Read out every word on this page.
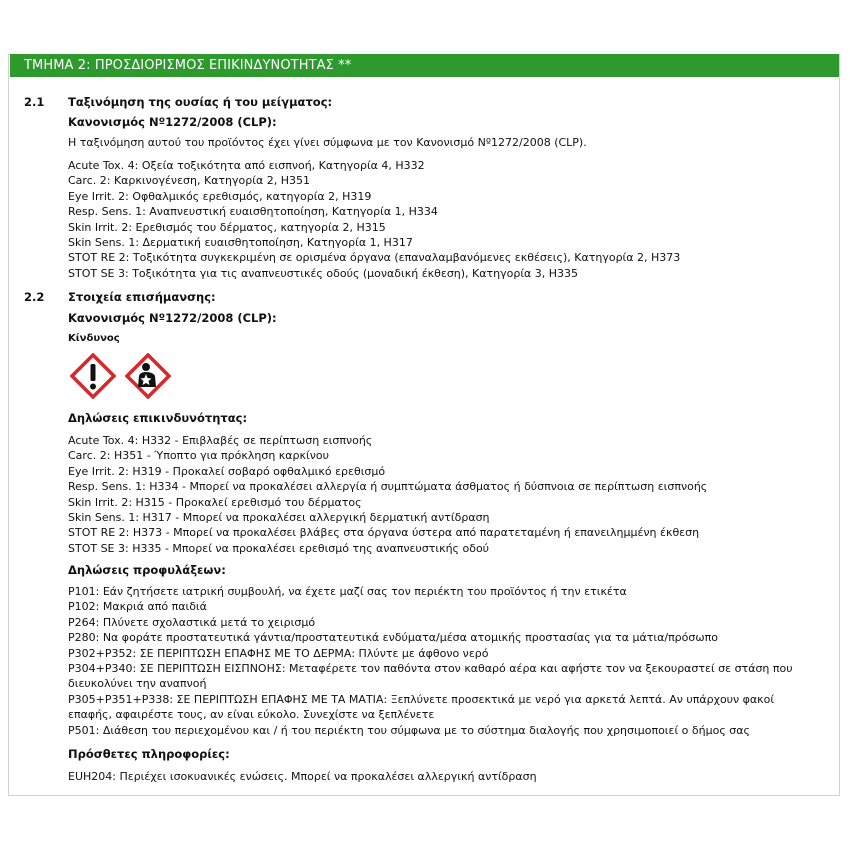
ΤΜΗΜΑ 2: ΠΡΟΣΔΙΟΡΙΣΜΟΣ ΕΠΙΚΙΝΔΥΝΟΤΗΤΑΣ **
2.1 Ταξινόμηση της ουσίας ή του μείγματος:
Κανονισμός Nº1272/2008 (CLP):
Η ταξινόμηση αυτού του προϊόντος έχει γίνει σύμφωνα με τον Κανονισμό Nº1272/2008 (CLP).
Acute Tox. 4: Οξεία τοξικότητα από εισπνοή, Κατηγορία 4, H332
Carc. 2: Καρκινογένεση, Κατηγορία 2, H351
Eye Irrit. 2: Οφθαλμικός ερεθισμός, κατηγορία 2, H319
Resp. Sens. 1: Αναπνευστική ευαισθητοποίηση, Κατηγορία 1, H334
Skin Irrit. 2: Ερεθισμός του δέρματος, κατηγορία 2, H315
Skin Sens. 1: Δερματική ευαισθητοποίηση, Κατηγορία 1, H317
STOT RE 2: Τοξικότητα συγκεκριμένη σε ορισμένα όργανα (επαναλαμβανόμενες εκθέσεις), Κατηγορία 2, H373
STOT SE 3: Τοξικότητα για τις αναπνευστικές οδούς (μοναδική έκθεση), Κατηγορία 3, H335
2.2 Στοιχεία επισήμανσης:
Κανονισμός Nº1272/2008 (CLP):
Κίνδυνος
Δηλώσεις επικινδυνότητας:
Acute Tox. 4: H332 - Επιβλαβές σε περίπτωση εισπνοής
Carc. 2: H351 - Ύποπτο για πρόκληση καρκίνου
Eye Irrit. 2: H319 - Προκαλεί σοβαρό οφθαλμικό ερεθισμό
Resp. Sens. 1: H334 - Μπορεί να προκαλέσει αλλεργία ή συμπτώματα άσθματος ή δύσπνοια σε περίπτωση εισπνοής
Skin Irrit. 2: H315 - Προκαλεί ερεθισμό του δέρματος
Skin Sens. 1: H317 - Μπορεί να προκαλέσει αλλεργική δερματική αντίδραση
STOT RE 2: H373 - Μπορεί να προκαλέσει βλάβες στα όργανα ύστερα από παρατεταμένη ή επανειλημμένη έκθεση
STOT SE 3: H335 - Μπορεί να προκαλέσει ερεθισμό της αναπνευστικής οδού
Δηλώσεις προφυλάξεων:
P101: Εάν ζητήσετε ιατρική συμβουλή, να έχετε μαζί σας τον περιέκτη του προϊόντος ή την ετικέτα
P102: Μακριά από παιδιά
P264: Πλύνετε σχολαστικά μετά το χειρισμό
P280: Να φοράτε προστατευτικά γάντια/προστατευτικά ενδύματα/μέσα ατομικής προστασίας για τα μάτια/πρόσωπο
P302+P352: ΣΕ ΠΕΡΙΠΤΩΣΗ ΕΠΑΦΗΣ ΜΕ ΤΟ ΔΕΡΜΑ: Πλύντε με άφθονο νερό
P304+P340: ΣΕ ΠΕΡΙΠΤΩΣΗ ΕΙΣΠΝΟΗΣ: Μεταφέρετε τον παθόντα στον καθαρό αέρα και αφήστε τον να ξεκουραστεί σε στάση που
διευκολύνει την αναπνοή
P305+P351+P338: ΣΕ ΠΕΡΙΠΤΩΣΗ ΕΠΑΦΗΣ ΜΕ ΤΑ ΜΑΤΙΑ: Ξεπλύνετε προσεκτικά με νερό για αρκετά λεπτά. Αν υπάρχουν φακοί
επαφής, αφαιρέστε τους, αν είναι εύκολο. Συνεχίστε να ξεπλένετε
P501: Διάθεση του περιεχομένου και / ή του περιέκτη του σύμφωνα με το σύστημα διαλογής που χρησιμοποιεί ο δήμος σας
Πρόσθετες πληροφορίες:
EUH204: Περιέχει ισοκυανικές ενώσεις. Μπορεί να προκαλέσει αλλεργική αντίδραση
